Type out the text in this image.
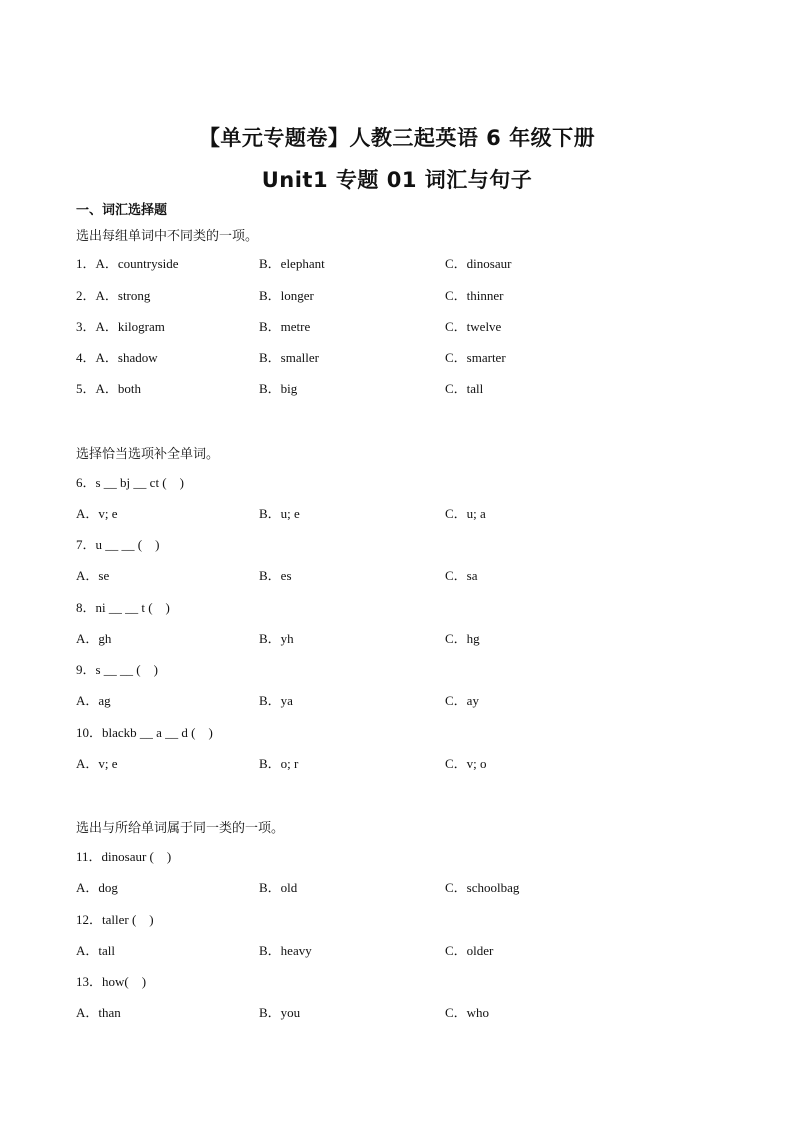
【单元专题卷】人教三起英语 6 年级下册
Unit1 专题 01 词汇与句子
一、词汇选择题
选出每组单词中不同类的一项。
1．A．countryside	B．elephant	C．dinosaur
2．A．strong	B．longer	C．thinner
3．A．kilogram	B．metre	C．twelve
4．A．shadow	B．smaller	C．smarter
5．A．both	B．big	C．tall
选择恰当选项补全单词。
6．s __ bj __ ct (    )
A．v; e	B．u; e	C．u; a
7．u __ __ (    )
A．se	B．es	C．sa
8．ni __ __ t (    )
A．gh	B．yh	C．hg
9．s __ __ (    )
A．ag	B．ya	C．ay
10．blackb __ a __ d (    )
A．v; e	B．o; r	C．v; o
选出与所给单词属于同一类的一项。
11．dinosaur (    )
A．dog	B．old	C．schoolbag
12．taller (    )
A．tall	B．heavy	C．older
13．how(    )
A．than	B．you	C．who
